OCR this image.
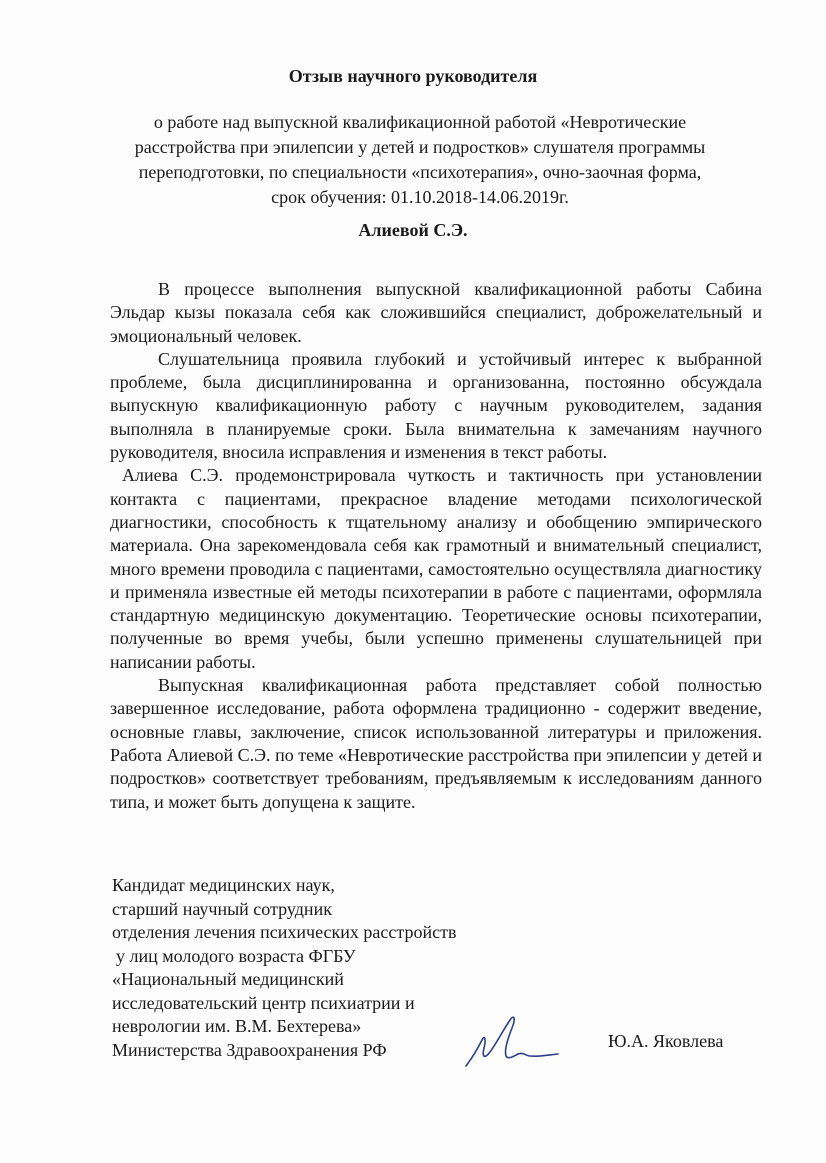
Отзыв научного руководителя
о работе над выпускной квалификационной работой «Невротические
расстройства при эпилепсии у детей и подростков» слушателя программы
переподготовки, по специальности «психотерапия», очно-заочная форма,
срок обучения: 01.10.2018-14.06.2019г.
Алиевой С.Э.

В процессе выполнения выпускной квалификационной работы Сабина Эльдар кызы показала себя как сложившийся специалист, доброжелательный и эмоциональный человек.

Слушательница проявила глубокий и устойчивый интерес к выбранной проблеме, была дисциплинированна и организованна, постоянно обсуждала выпускную квалификационную работу с научным руководителем, задания выполняла в планируемые сроки. Была внимательна к замечаниям научного руководителя, вносила исправления и изменения в текст работы.

Алиева С.Э. продемонстрировала чуткость и тактичность при установлении контакта с пациентами, прекрасное владение методами психологической диагностики, способность к тщательному анализу и обобщению эмпирического материала. Она зарекомендовала себя как грамотный и внимательный специалист, много времени проводила с пациентами, самостоятельно осуществляла диагностику и применяла известные ей методы психотерапии в работе с пациентами, оформляла стандартную медицинскую документацию. Теоретические основы психотерапии, полученные во время учебы, были успешно применены слушательницей при написании работы.

Выпускная квалификационная работа представляет собой полностью завершенное исследование, работа оформлена традиционно - содержит введение, основные главы, заключение, список использованной литературы и приложения. Работа Алиевой С.Э. по теме «Невротические расстройства при эпилепсии у детей и подростков» соответствует требованиям, предъявляемым к исследованиям данного типа, и может быть допущена к защите.

Кандидат медицинских наук,
старший научный сотрудник
отделения лечения психических расстройств
у лиц молодого возраста ФГБУ
«Национальный медицинский
исследовательский центр психиатрии и
неврологии им. В.М. Бехтерева»
Министерства Здравоохранения РФ	Ю.А. Яковлева
